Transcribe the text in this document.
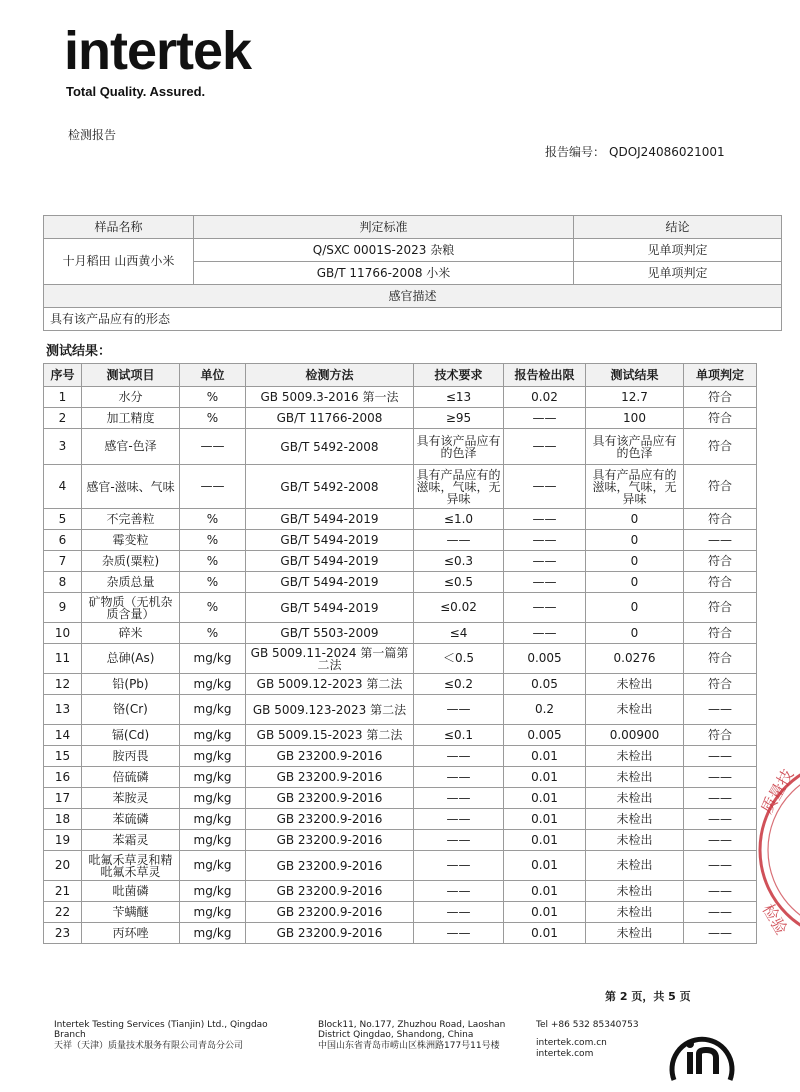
intertek
Total Quality. Assured.
检测报告
报告编号： QDOJ24086021001
样品名称	判定标准	结论
十月稻田 山西黄小米	Q/SXC 0001S-2023 杂粮	见单项判定
	GB/T 11766-2008 小米	见单项判定
感官描述		
具有该产品应有的形态		
测试结果：
序号	测试项目	单位	检测方法	技术要求	报告检出限	测试结果	单项判定
1	水分	%	GB 5009.3-2016 第一法	≤13	0.02	12.7	符合
2	加工精度	%	GB/T 11766-2008	≥95	——	100	符合
3	感官-色泽	——	GB/T 5492-2008	具有该产品应有的色泽	——	具有该产品应有的色泽	符合
4	感官-滋味、气味	——	GB/T 5492-2008	具有产品应有的滋味，气味，无异味	——	具有产品应有的滋味，气味，无异味	符合
5	不完善粒	%	GB/T 5494-2019	≤1.0	——	0	符合
6	霉变粒	%	GB/T 5494-2019	——	——	0	——
7	杂质(粟粒)	%	GB/T 5494-2019	≤0.3	——	0	符合
8	杂质总量	%	GB/T 5494-2019	≤0.5	——	0	符合
9	矿物质（无机杂质含量）	%	GB/T 5494-2019	≤0.02	——	0	符合
10	碎米	%	GB/T 5503-2009	≤4	——	0	符合
11	总砷(As)	mg/kg	GB 5009.11-2024 第一篇第二法	＜0.5	0.005	0.0276	符合
12	铅(Pb)	mg/kg	GB 5009.12-2023 第二法	≤0.2	0.05	未检出	符合
13	铬(Cr)	mg/kg	GB 5009.123-2023 第二法	——	0.2	未检出	——
14	镉(Cd)	mg/kg	GB 5009.15-2023 第二法	≤0.1	0.005	0.00900	符合
15	胺丙畏	mg/kg	GB 23200.9-2016	——	0.01	未检出	——
16	倍硫磷	mg/kg	GB 23200.9-2016	——	0.01	未检出	——
17	苯胺灵	mg/kg	GB 23200.9-2016	——	0.01	未检出	——
18	苯硫磷	mg/kg	GB 23200.9-2016	——	0.01	未检出	——
19	苯霜灵	mg/kg	GB 23200.9-2016	——	0.01	未检出	——
20	吡氟禾草灵和精吡氟禾草灵	mg/kg	GB 23200.9-2016	——	0.01	未检出	——
21	吡菌磷	mg/kg	GB 23200.9-2016	——	0.01	未检出	——
22	苄螨醚	mg/kg	GB 23200.9-2016	——	0.01	未检出	——
23	丙环唑	mg/kg	GB 23200.9-2016	——	0.01	未检出	——
第 2 页，共 5 页
Intertek Testing Services (Tianjin) Ltd., Qingdao Branch
天祥（天津）质量技术服务有限公司青岛分公司
Block11, No.177, Zhuzhou Road, Laoshan District Qingdao, Shandong, China
中国山东省青岛市崂山区株洲路177号11号楼
Tel +86 532 85340753
intertek.com.cn
intertek.com
质量技
检验
